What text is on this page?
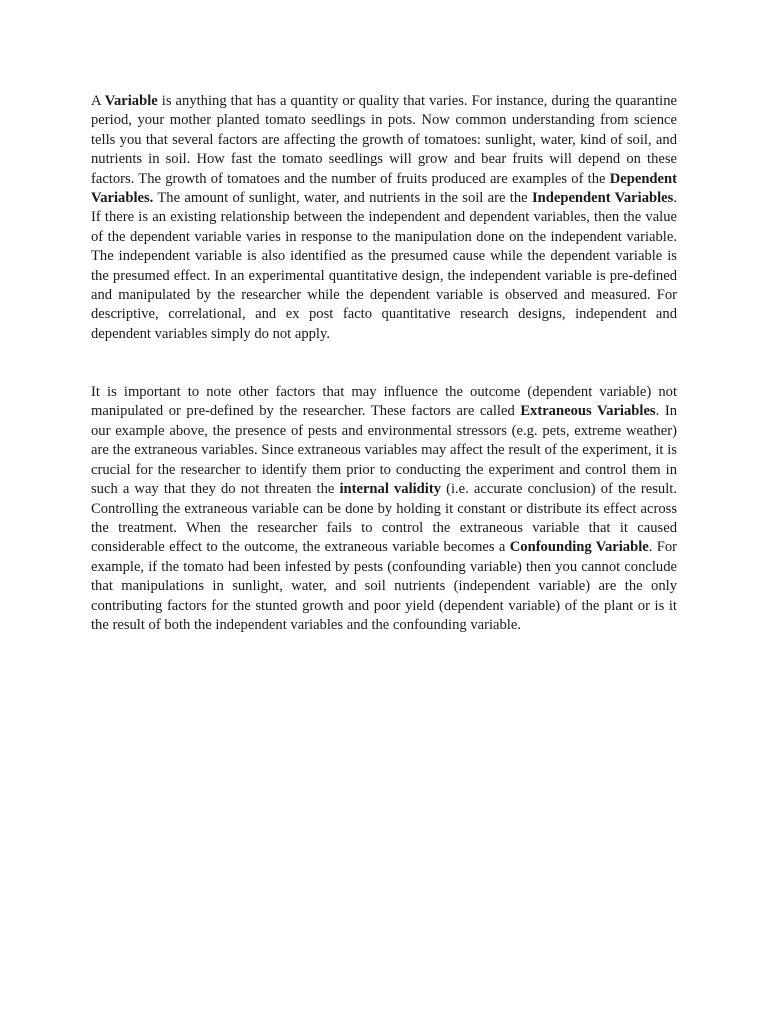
A Variable is anything that has a quantity or quality that varies. For instance, during the quarantine period, your mother planted tomato seedlings in pots. Now common understanding from science tells you that several factors are affecting the growth of tomatoes: sunlight, water, kind of soil, and nutrients in soil. How fast the tomato seedlings will grow and bear fruits will depend on these factors. The growth of tomatoes and the number of fruits produced are examples of the Dependent Variables. The amount of sunlight, water, and nutrients in the soil are the Independent Variables. If there is an existing relationship between the independent and dependent variables, then the value of the dependent variable varies in response to the manipulation done on the independent variable. The independent variable is also identified as the presumed cause while the dependent variable is the presumed effect. In an experimental quantitative design, the independent variable is pre-defined and manipulated by the researcher while the dependent variable is observed and measured. For descriptive, correlational, and ex post facto quantitative research designs, independent and dependent variables simply do not apply.

It is important to note other factors that may influence the outcome (dependent variable) not manipulated or pre-defined by the researcher. These factors are called Extraneous Variables. In our example above, the presence of pests and environmental stressors (e.g. pets, extreme weather) are the extraneous variables. Since extraneous variables may affect the result of the experiment, it is crucial for the researcher to identify them prior to conducting the experiment and control them in such a way that they do not threaten the internal validity (i.e. accurate conclusion) of the result. Controlling the extraneous variable can be done by holding it constant or distribute its effect across the treatment. When the researcher fails to control the extraneous variable that it caused considerable effect to the outcome, the extraneous variable becomes a Confounding Variable. For example, if the tomato had been infested by pests (confounding variable) then you cannot conclude that manipulations in sunlight, water, and soil nutrients (independent variable) are the only contributing factors for the stunted growth and poor yield (dependent variable) of the plant or is it the result of both the independent variables and the confounding variable.
